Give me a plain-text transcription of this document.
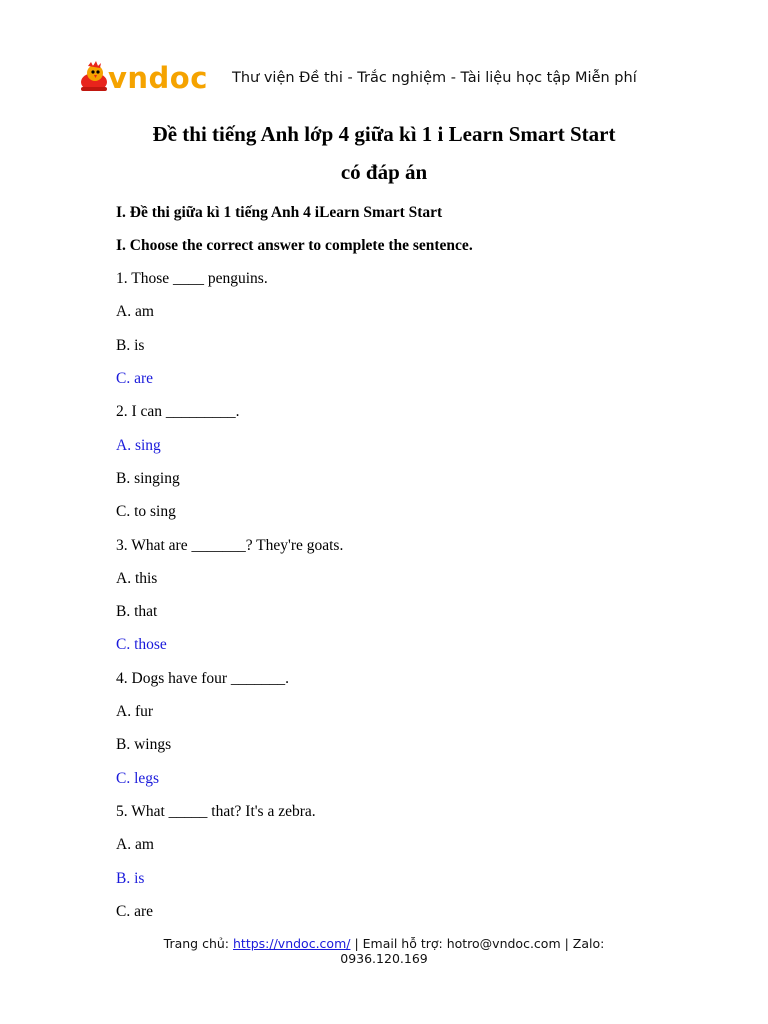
vndoc Thư viện Đề thi - Trắc nghiệm - Tài liệu học tập Miễn phí
Đề thi tiếng Anh lớp 4 giữa kì 1 i Learn Smart Start
có đáp án
I. Đề thi giữa kì 1 tiếng Anh 4 iLearn Smart Start
I. Choose the correct answer to complete the sentence.
1. Those ____ penguins.
A. am
B. is
C. are
2. I can _________.
A. sing
B. singing
C. to sing
3. What are _______? They're goats.
A. this
B. that
C. those
4. Dogs have four _______.
A. fur
B. wings
C. legs
5. What _____ that? It's a zebra.
A. am
B. is
C. are
Trang chủ: https://vndoc.com/ | Email hỗ trợ: hotro@vndoc.com | Zalo:
0936.120.169
